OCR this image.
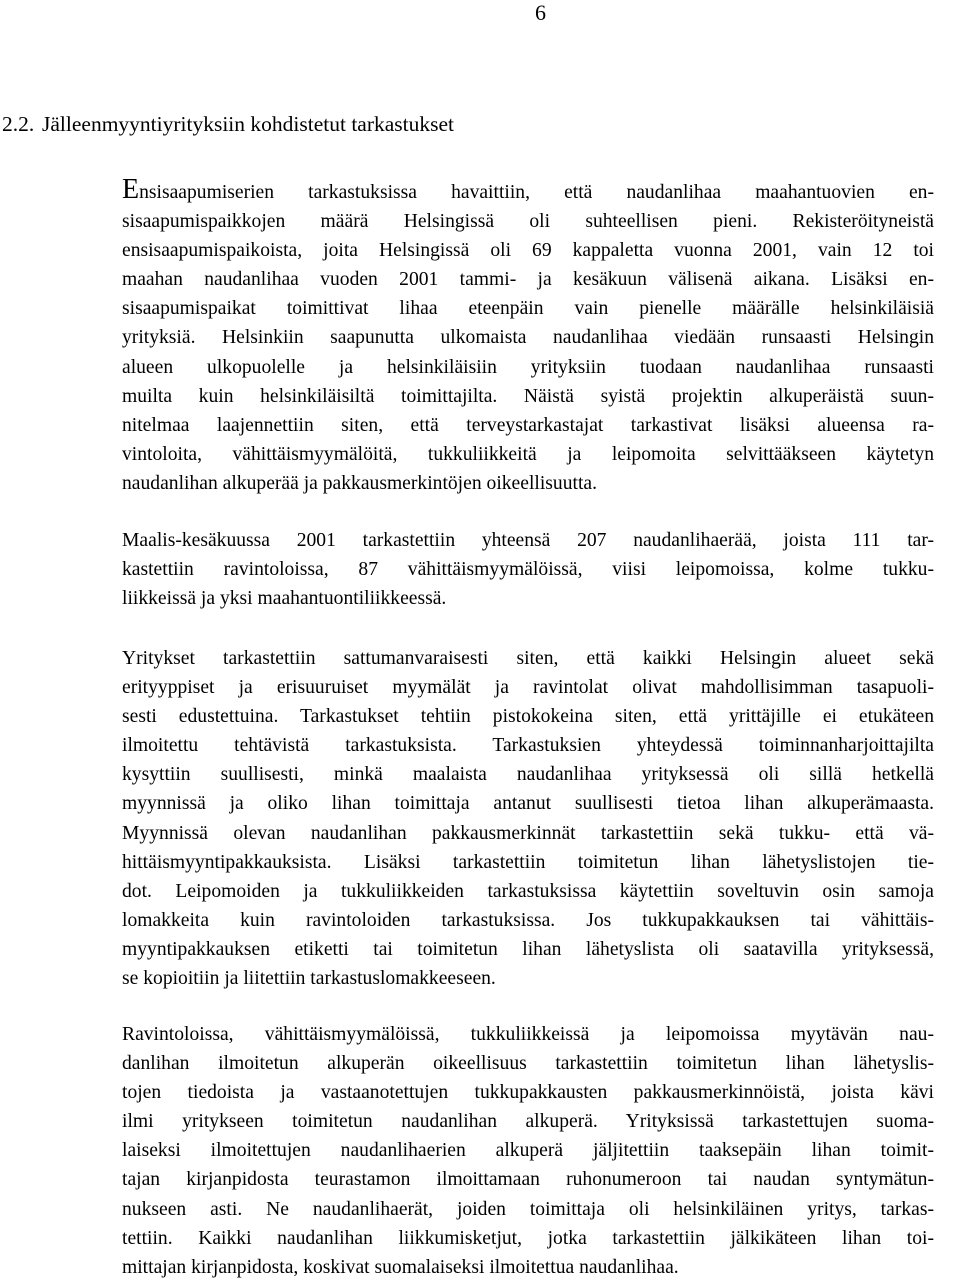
6
2.2. Jälleenmyyntiyrityksiin kohdistetut tarkastukset
Ensisaapumiserien tarkastuksissa havaittiin, että naudanlihaa maahantuovien en-
sisaapumispaikkojen määrä Helsingissä oli suhteellisen pieni. Rekisteröityneistä
ensisaapumispaikoista, joita Helsingissä oli 69 kappaletta vuonna 2001, vain 12 toi
maahan naudanlihaa vuoden 2001 tammi- ja kesäkuun välisenä aikana. Lisäksi en-
sisaapumispaikat toimittivat lihaa eteenpäin vain pienelle määrälle helsinkiläisiä
yrityksiä. Helsinkiin saapunutta ulkomaista naudanlihaa viedään runsaasti Helsingin
alueen ulkopuolelle ja helsinkiläisiin yrityksiin tuodaan naudanlihaa runsaasti
muilta kuin helsinkiläisiltä toimittajilta. Näistä syistä projektin alkuperäistä suun-
nitelmaa laajennettiin siten, että terveystarkastajat tarkastivat lisäksi alueensa ra-
vintoloita, vähittäismyymälöitä, tukkuliikkeitä ja leipomoita selvittääkseen käytetyn
naudanlihan alkuperää ja pakkausmerkintöjen oikeellisuutta.
Maalis-kesäkuussa 2001 tarkastettiin yhteensä 207 naudanlihaerää, joista 111 tar-
kastettiin ravintoloissa, 87 vähittäismyymälöissä, viisi leipomoissa, kolme tukku-
liikkeissä ja yksi maahantuontiliikkeessä.
Yritykset tarkastettiin sattumanvaraisesti siten, että kaikki Helsingin alueet sekä
erityyppiset ja erisuuruiset myymälät ja ravintolat olivat mahdollisimman tasapuoli-
sesti edustettuina. Tarkastukset tehtiin pistokokeina siten, että yrittäjille ei etukäteen
ilmoitettu tehtävistä tarkastuksista. Tarkastuksien yhteydessä toiminnanharjoittajilta
kysyttiin suullisesti, minkä maalaista naudanlihaa yrityksessä oli sillä hetkellä
myynnissä ja oliko lihan toimittaja antanut suullisesti tietoa lihan alkuperämaasta.
Myynnissä olevan naudanlihan pakkausmerkinnät tarkastettiin sekä tukku- että vä-
hittäismyyntipakkauksista. Lisäksi tarkastettiin toimitetun lihan lähetyslistojen tie-
dot. Leipomoiden ja tukkuliikkeiden tarkastuksissa käytettiin soveltuvin osin samoja
lomakkeita kuin ravintoloiden tarkastuksissa. Jos tukkupakkauksen tai vähittäis-
myyntipakkauksen etiketti tai toimitetun lihan lähetyslista oli saatavilla yrityksessä,
se kopioitiin ja liitettiin tarkastuslomakkeeseen.
Ravintoloissa, vähittäismyymälöissä, tukkuliikkeissä ja leipomoissa myytävän nau-
danlihan ilmoitetun alkuperän oikeellisuus tarkastettiin toimitetun lihan lähetyslis-
tojen tiedoista ja vastaanotettujen tukkupakkausten pakkausmerkinnöistä, joista kävi
ilmi yritykseen toimitetun naudanlihan alkuperä. Yrityksissä tarkastettujen suoma-
laiseksi ilmoitettujen naudanlihaerien alkuperä jäljitettiin taaksepäin lihan toimit-
tajan kirjanpidosta teurastamon ilmoittamaan ruhonumeroon tai naudan syntymätun-
nukseen asti. Ne naudanlihaerät, joiden toimittaja oli helsinkiläinen yritys, tarkas-
tettiin. Kaikki naudanlihan liikkumisketjut, jotka tarkastettiin jälkikäteen lihan toi-
mittajan kirjanpidosta, koskivat suomalaiseksi ilmoitettua naudanlihaa.
